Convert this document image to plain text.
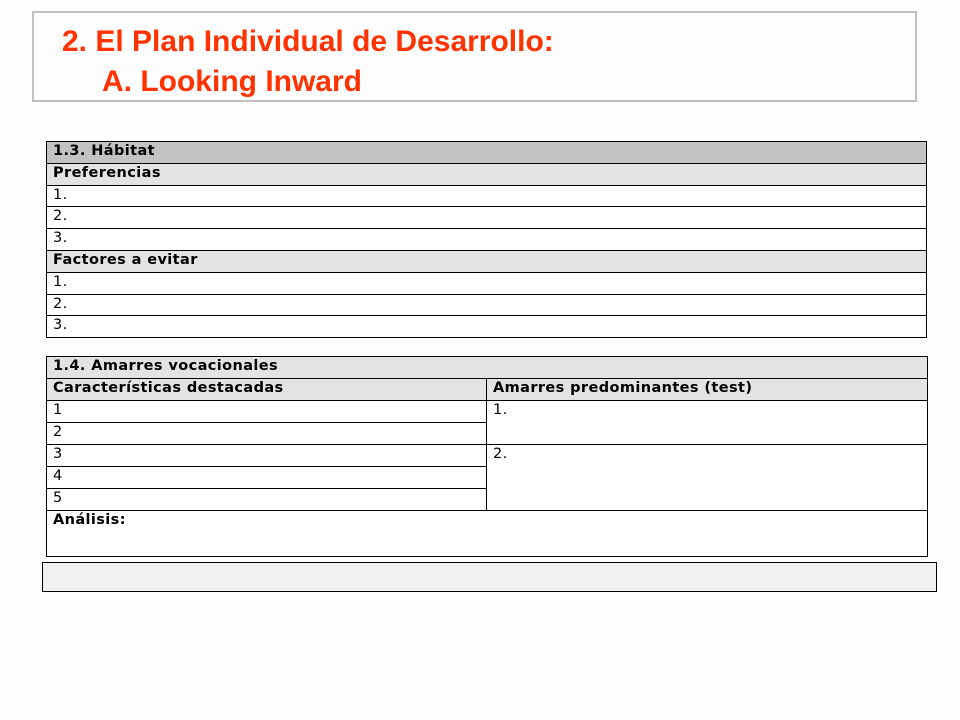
2. El Plan Individual de Desarrollo:
A. Looking Inward
1.3. Hábitat
Preferencias
1.
2.
3.
Factores a evitar
1.
2.
3.
1.4. Amarres vocacionales	
Características destacadas	Amarres predominantes (test)
1	1.
2	
3	2.
4	
5	
Análisis:	
